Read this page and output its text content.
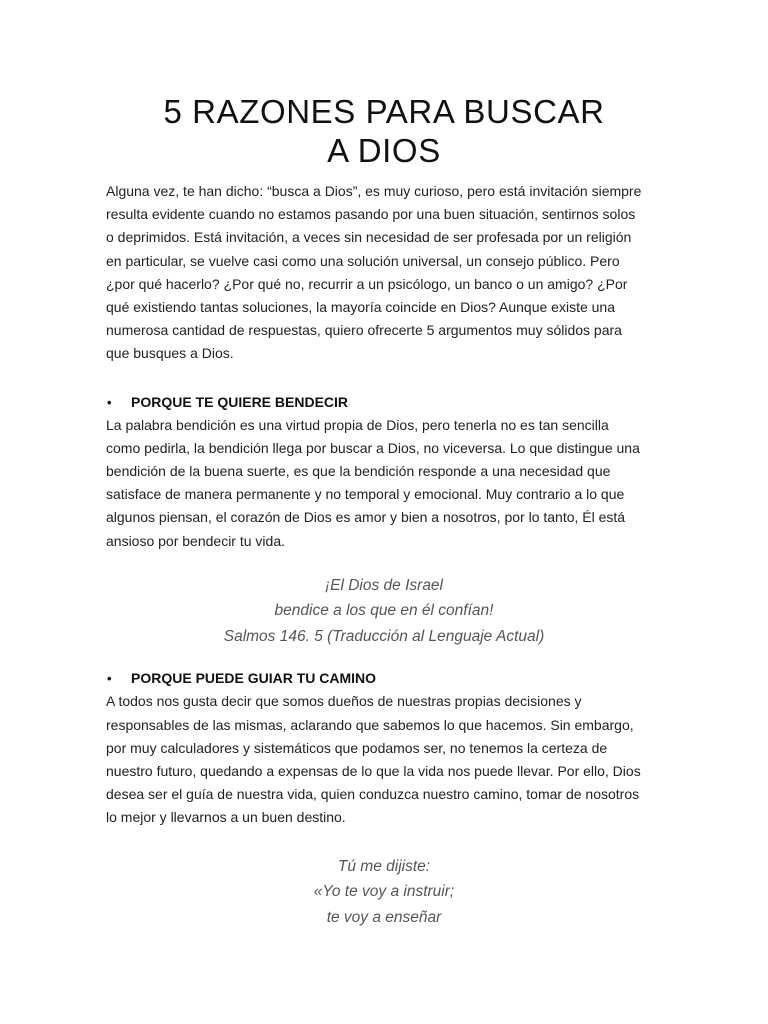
5 RAZONES PARA BUSCAR
A DIOS
Alguna vez, te han dicho: “busca a Dios”, es muy curioso, pero está invitación siempre
resulta evidente cuando no estamos pasando por una buen situación, sentirnos solos
o deprimidos. Está invitación, a veces sin necesidad de ser profesada por un religión
en particular, se vuelve casi como una solución universal, un consejo público. Pero
¿por qué hacerlo? ¿Por qué no, recurrir a un psicólogo, un banco o un amigo? ¿Por
qué existiendo tantas soluciones, la mayoría coincide en Dios? Aunque existe una
numerosa cantidad de respuestas, quiero ofrecerte 5 argumentos muy sólidos para
que busques a Dios.
•	PORQUE TE QUIERE BENDECIR
La palabra bendición es una virtud propia de Dios, pero tenerla no es tan sencilla
como pedirla, la bendición llega por buscar a Dios, no viceversa. Lo que distingue una
bendición de la buena suerte, es que la bendición responde a una necesidad que
satisface de manera permanente y no temporal y emocional. Muy contrario a lo que
algunos piensan, el corazón de Dios es amor y bien a nosotros, por lo tanto, Él está
ansioso por bendecir tu vida.
¡El Dios de Israel
bendice a los que en él confían!
Salmos 146. 5 (Traducción al Lenguaje Actual)
•	PORQUE PUEDE GUIAR TU CAMINO
A todos nos gusta decir que somos dueños de nuestras propias decisiones y
responsables de las mismas, aclarando que sabemos lo que hacemos. Sin embargo,
por muy calculadores y sistemáticos que podamos ser, no tenemos la certeza de
nuestro futuro, quedando a expensas de lo que la vida nos puede llevar. Por ello, Dios
desea ser el guía de nuestra vida, quien conduzca nuestro camino, tomar de nosotros
lo mejor y llevarnos a un buen destino.
Tú me dijiste:
«Yo te voy a instruir;
te voy a enseñar
